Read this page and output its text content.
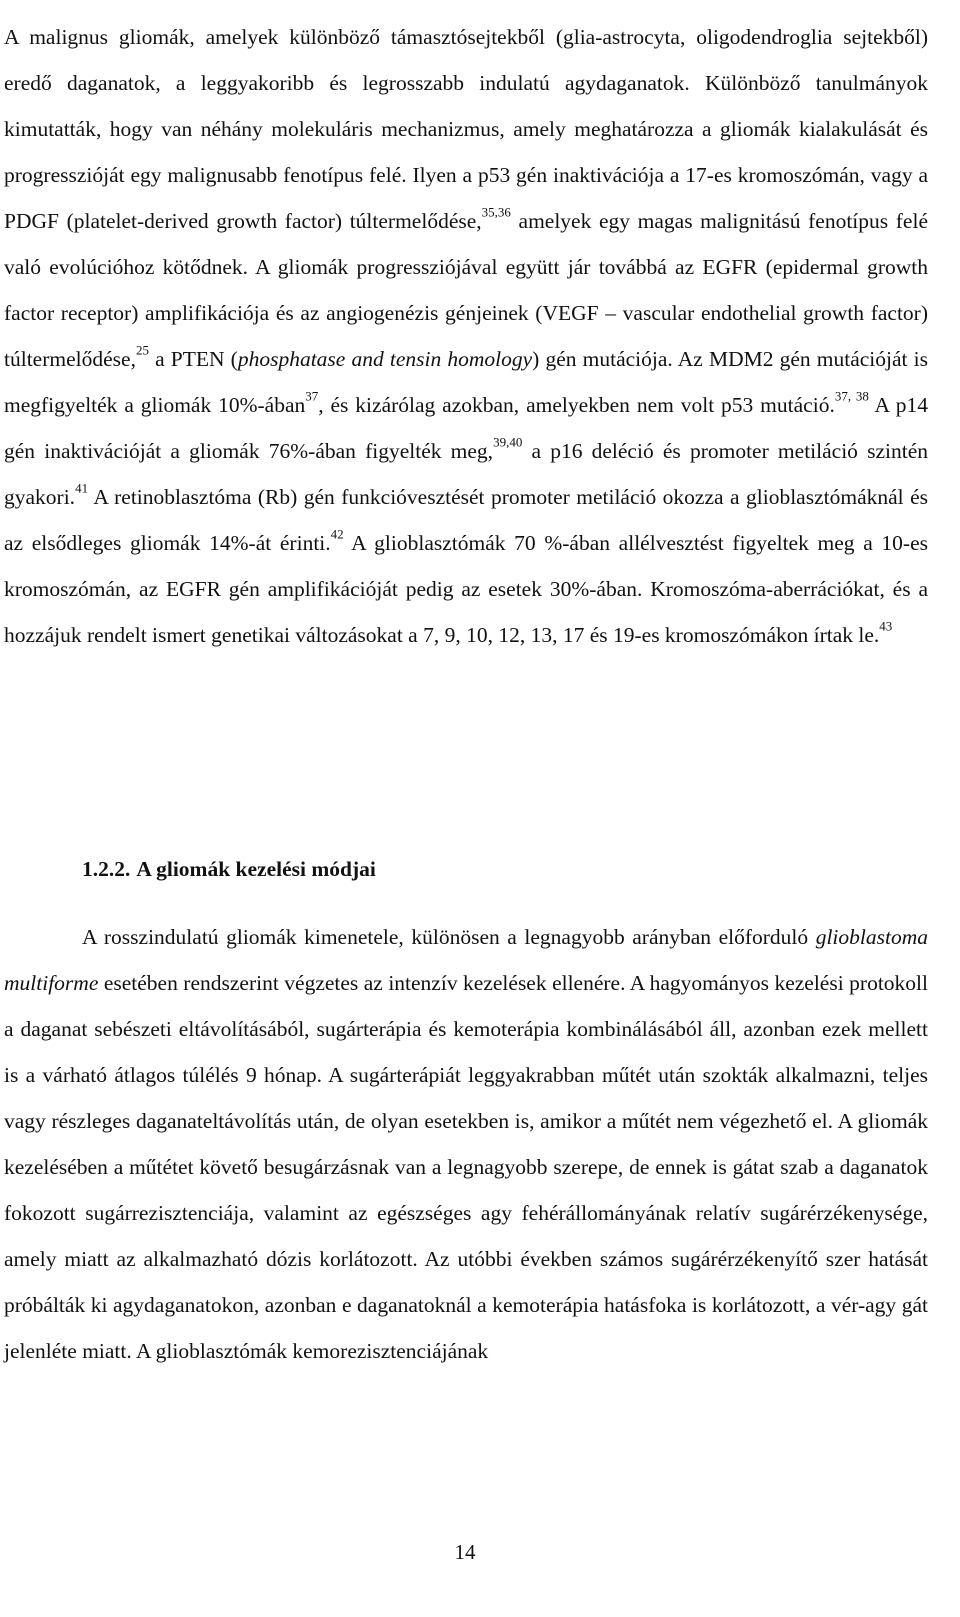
A malignus gliomák, amelyek különböző támasztósejtekből (glia-astrocyta, oligodendroglia sejtekből) eredő daganatok, a leggyakoribb és legrosszabb indulatú agydaganatok. Különböző tanulmányok kimutatták, hogy van néhány molekuláris mechanizmus, amely meghatározza a gliomák kialakulását és progresszióját egy malignusabb fenotípus felé. Ilyen a p53 gén inaktivációja a 17-es kromoszómán, vagy a PDGF (platelet-derived growth factor) túltermelődése,$^{35,36}$ amelyek egy magas malignitású fenotípus felé való evolúcióhoz kötődnek. A gliomák progressziójával együtt jár továbbá az EGFR (epidermal growth factor receptor) amplifikációja és az angiogenézis génjeinek (VEGF – vascular endothelial growth factor) túltermelődése,$^{25}$ a PTEN (phosphatase and tensin homology) gén mutációja. Az MDM2 gén mutációját is megfigyelték a gliomák 10%-ában$^{37}$, és kizárólag azokban, amelyekben nem volt p53 mutáció.$^{37, 38}$ A p14 gén inaktivációját a gliomák 76%-ában figyelték meg,$^{39,40}$ a p16 deléció és promoter metiláció szintén gyakori.$^{41}$ A retinoblasztóma (Rb) gén funkcióvesztését promoter metiláció okozza a glioblasztómáknál és az elsődleges gliomák 14%-át érinti.$^{42}$ A glioblasztómák 70 %-ában allélvesztést figyeltek meg a 10-es kromoszómán, az EGFR gén amplifikációját pedig az esetek 30%-ában. Kromoszóma-aberrációkat, és a hozzájuk rendelt ismert genetikai változásokat a 7, 9, 10, 12, 13, 17 és 19-es kromoszómákon írtak le.$^{43}$

1.2.2. A gliomák kezelési módjai

A rosszindulatú gliomák kimenetele, különösen a legnagyobb arányban előforduló glioblastoma multiforme esetében rendszerint végzetes az intenzív kezelések ellenére. A hagyományos kezelési protokoll a daganat sebészeti eltávolításából, sugárterápia és kemoterápia kombinálásából áll, azonban ezek mellett is a várható átlagos túlélés 9 hónap. A sugárterápiát leggyakrabban műtét után szokták alkalmazni, teljes vagy részleges daganateltávolítás után, de olyan esetekben is, amikor a műtét nem végezhető el. A gliomák kezelésében a műtétet követő besugárzásnak van a legnagyobb szerepe, de ennek is gátat szab a daganatok fokozott sugárrezisztenciája, valamint az egészséges agy fehérállományának relatív sugárérzékenysége, amely miatt az alkalmazható dózis korlátozott. Az utóbbi években számos sugárérzékenyítő szer hatását próbálták ki agydaganatokon, azonban e daganatoknál a kemoterápia hatásfoka is korlátozott, a vér-agy gát jelenléte miatt. A glioblasztómák kemorezisztenciájának

14
